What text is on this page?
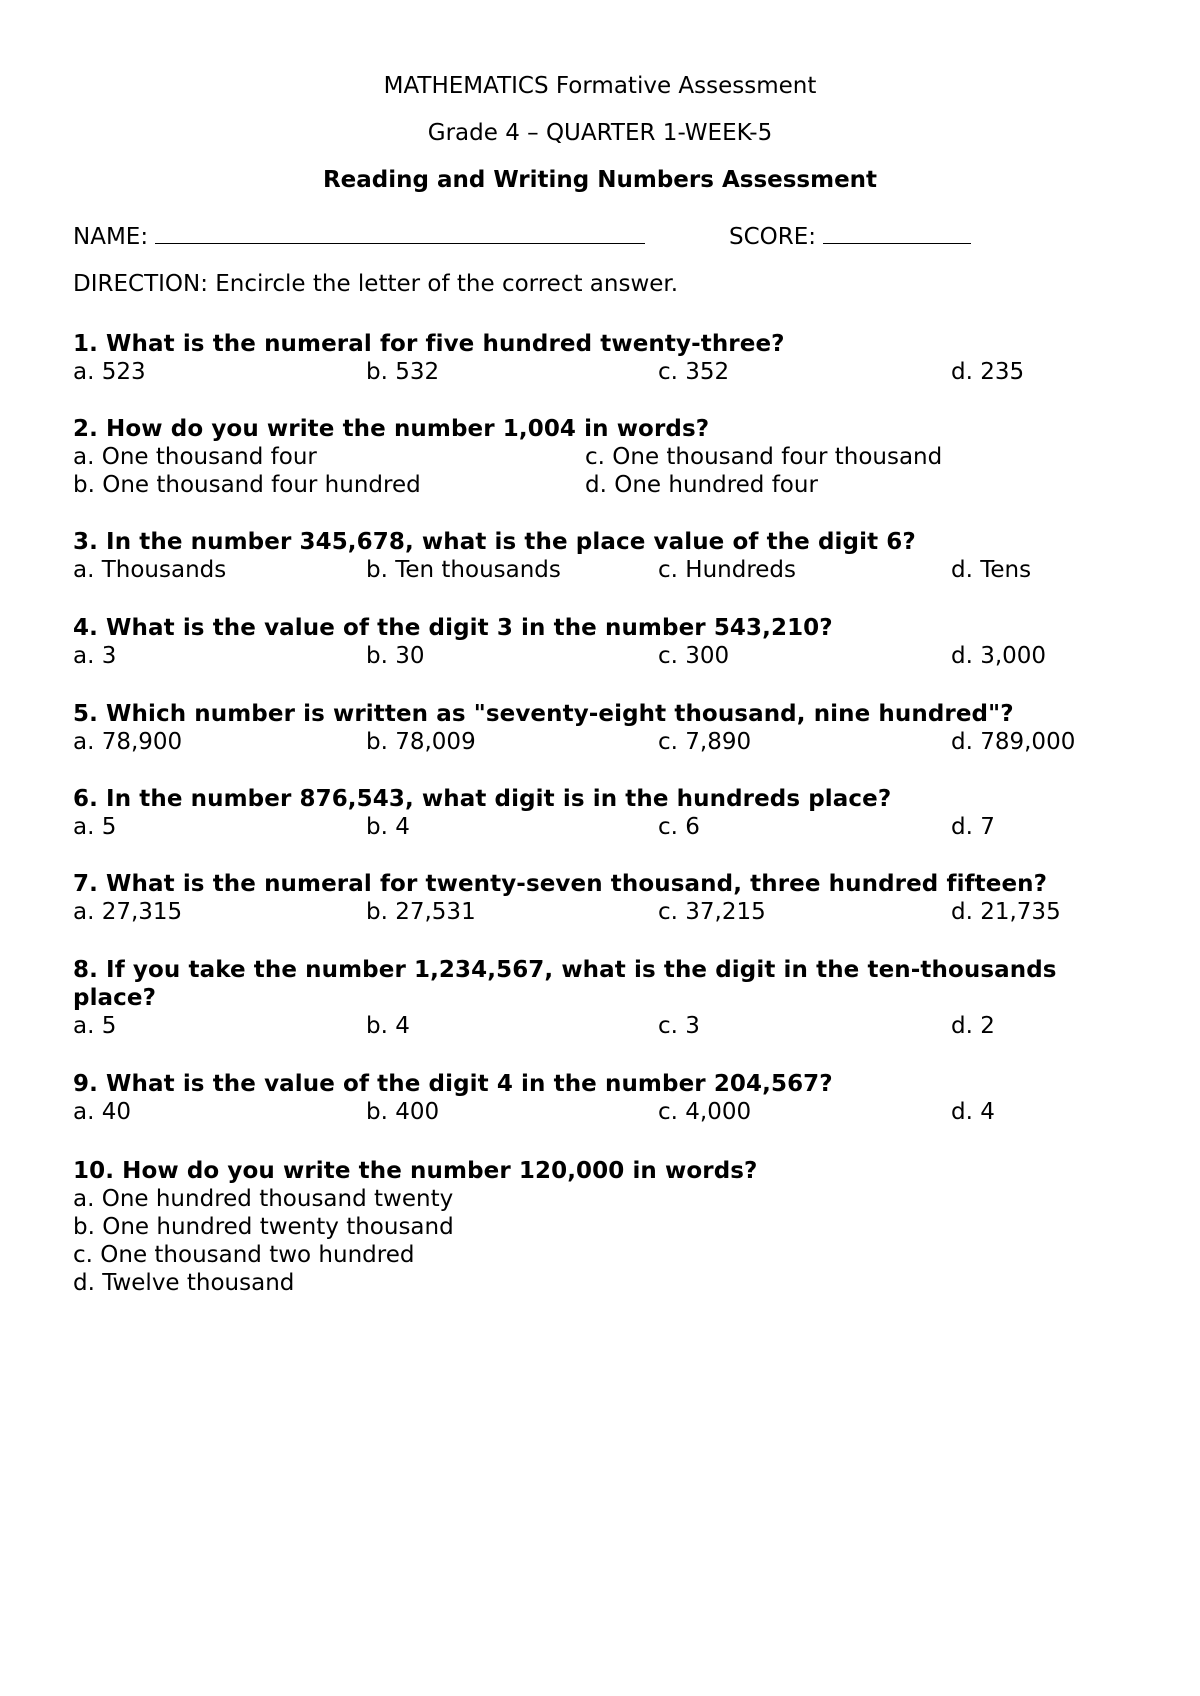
MATHEMATICS Formative Assessment
Grade 4 – QUARTER 1-WEEK-5
Reading and Writing Numbers Assessment
NAME:	SCORE:
DIRECTION: Encircle the letter of the correct answer.
1. What is the numeral for five hundred twenty-three?
a. 523	b. 532	c. 352	d. 235
2. How do you write the number 1,004 in words?
a. One thousand four	c. One thousand four thousand
b. One thousand four hundred	d. One hundred four
3. In the number 345,678, what is the place value of the digit 6?
a. Thousands	b. Ten thousands	c. Hundreds	d. Tens
4. What is the value of the digit 3 in the number 543,210?
a. 3	b. 30	c. 300	d. 3,000
5. Which number is written as "seventy-eight thousand, nine hundred"?
a. 78,900	b. 78,009	c. 7,890	d. 789,000
6. In the number 876,543, what digit is in the hundreds place?
a. 5	b. 4	c. 6	d. 7
7. What is the numeral for twenty-seven thousand, three hundred fifteen?
a. 27,315	b. 27,531	c. 37,215	d. 21,735
8. If you take the number 1,234,567, what is the digit in the ten-thousands place?
a. 5	b. 4	c. 3	d. 2
9. What is the value of the digit 4 in the number 204,567?
a. 40	b. 400	c. 4,000	d. 4
10. How do you write the number 120,000 in words?
a. One hundred thousand twenty
b. One hundred twenty thousand
c. One thousand two hundred
d. Twelve thousand
